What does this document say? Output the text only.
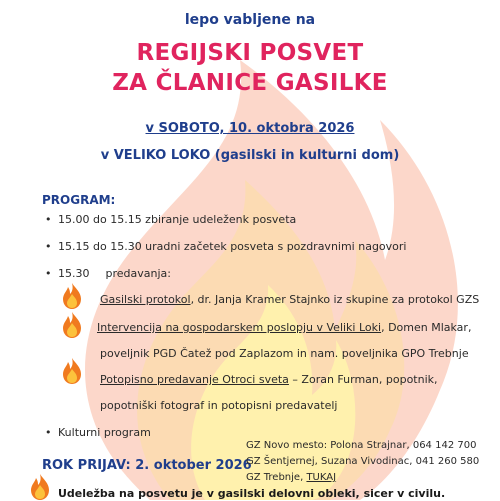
lepo vabljene na
REGIJSKI POSVET
ZA ČLANICE GASILKE
v SOBOTO, 10. oktobra 2026
v VELIKO LOKO (gasilski in kulturni dom)
PROGRAM:
• 15.00 do 15.15 zbiranje udeleženk posveta
• 15.15 do 15.30 uradni začetek posveta s pozdravnimi nagovori
• 15.30 predavanja:
Gasilski protokol, dr. Janja Kramer Stajnko iz skupine za protokol GZS
Intervencija na gospodarskem poslopju v Veliki Loki, Domen Mlakar,
poveljnik PGD Čatež pod Zaplazom in nam. poveljnika GPO Trebnje
Potopisno predavanje Otroci sveta – Zoran Furman, popotnik,
popotniški fotograf in potopisni predavatelj
• Kulturni program
GZ Novo mesto: Polona Strajnar, 064 142 700
ROK PRIJAV: 2. oktober 2026
GZ Šentjernej, Suzana Vivodinac, 041 260 580
GZ Trebnje, TUKAJ
Udeležba na posvetu je v gasilski delovni obleki, sicer v civilu.
